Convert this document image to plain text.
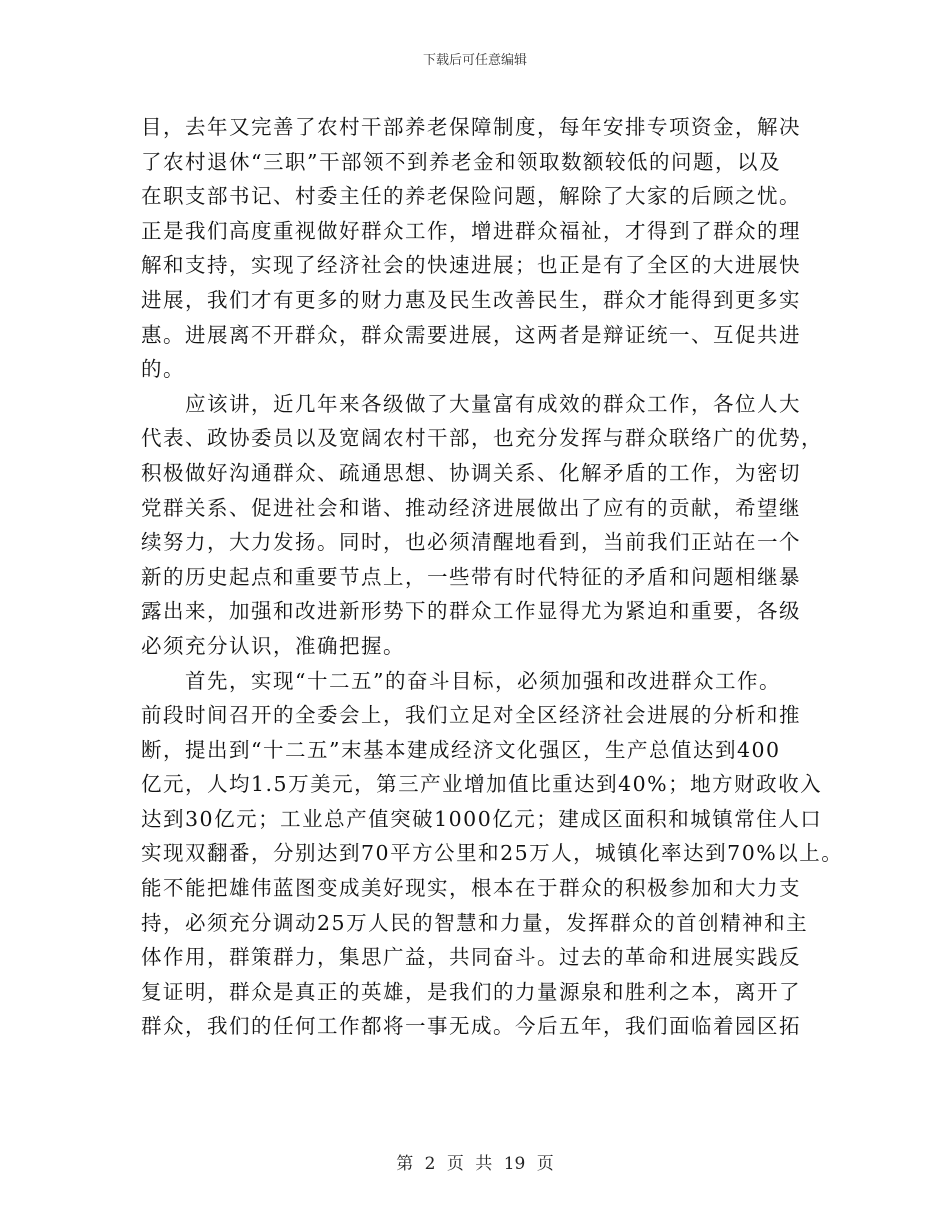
下载后可任意编辑

目，去年又完善了农村干部养老保障制度，每年安排专项资金，解决
了农村退休“三职”干部领不到养老金和领取数额较低的问题，以及
在职支部书记、村委主任的养老保险问题，解除了大家的后顾之忧。
正是我们高度重视做好群众工作，增进群众福祉，才得到了群众的理
解和支持，实现了经济社会的快速进展；也正是有了全区的大进展快
进展，我们才有更多的财力惠及民生改善民生，群众才能得到更多实
惠。进展离不开群众，群众需要进展，这两者是辩证统一、互促共进
的。

应该讲，近几年来各级做了大量富有成效的群众工作，各位人大
代表、政协委员以及宽阔农村干部，也充分发挥与群众联络广的优势，
积极做好沟通群众、疏通思想、协调关系、化解矛盾的工作，为密切
党群关系、促进社会和谐、推动经济进展做出了应有的贡献，希望继
续努力，大力发扬。同时，也必须清醒地看到，当前我们正站在一个
新的历史起点和重要节点上，一些带有时代特征的矛盾和问题相继暴
露出来，加强和改进新形势下的群众工作显得尤为紧迫和重要，各级
必须充分认识，准确把握。

首先，实现“十二五”的奋斗目标，必须加强和改进群众工作。
前段时间召开的全委会上，我们立足对全区经济社会进展的分析和推
断，提出到“十二五”末基本建成经济文化强区，生产总值达到400
亿元，人均1.5万美元，第三产业增加值比重达到40%；地方财政收入
达到30亿元；工业总产值突破1000亿元；建成区面积和城镇常住人口
实现双翻番，分别达到70平方公里和25万人，城镇化率达到70%以上。
能不能把雄伟蓝图变成美好现实，根本在于群众的积极参加和大力支
持，必须充分调动25万人民的智慧和力量，发挥群众的首创精神和主
体作用，群策群力，集思广益，共同奋斗。过去的革命和进展实践反
复证明，群众是真正的英雄，是我们的力量源泉和胜利之本，离开了
群众，我们的任何工作都将一事无成。今后五年，我们面临着园区拓

第 2 页 共 19 页
